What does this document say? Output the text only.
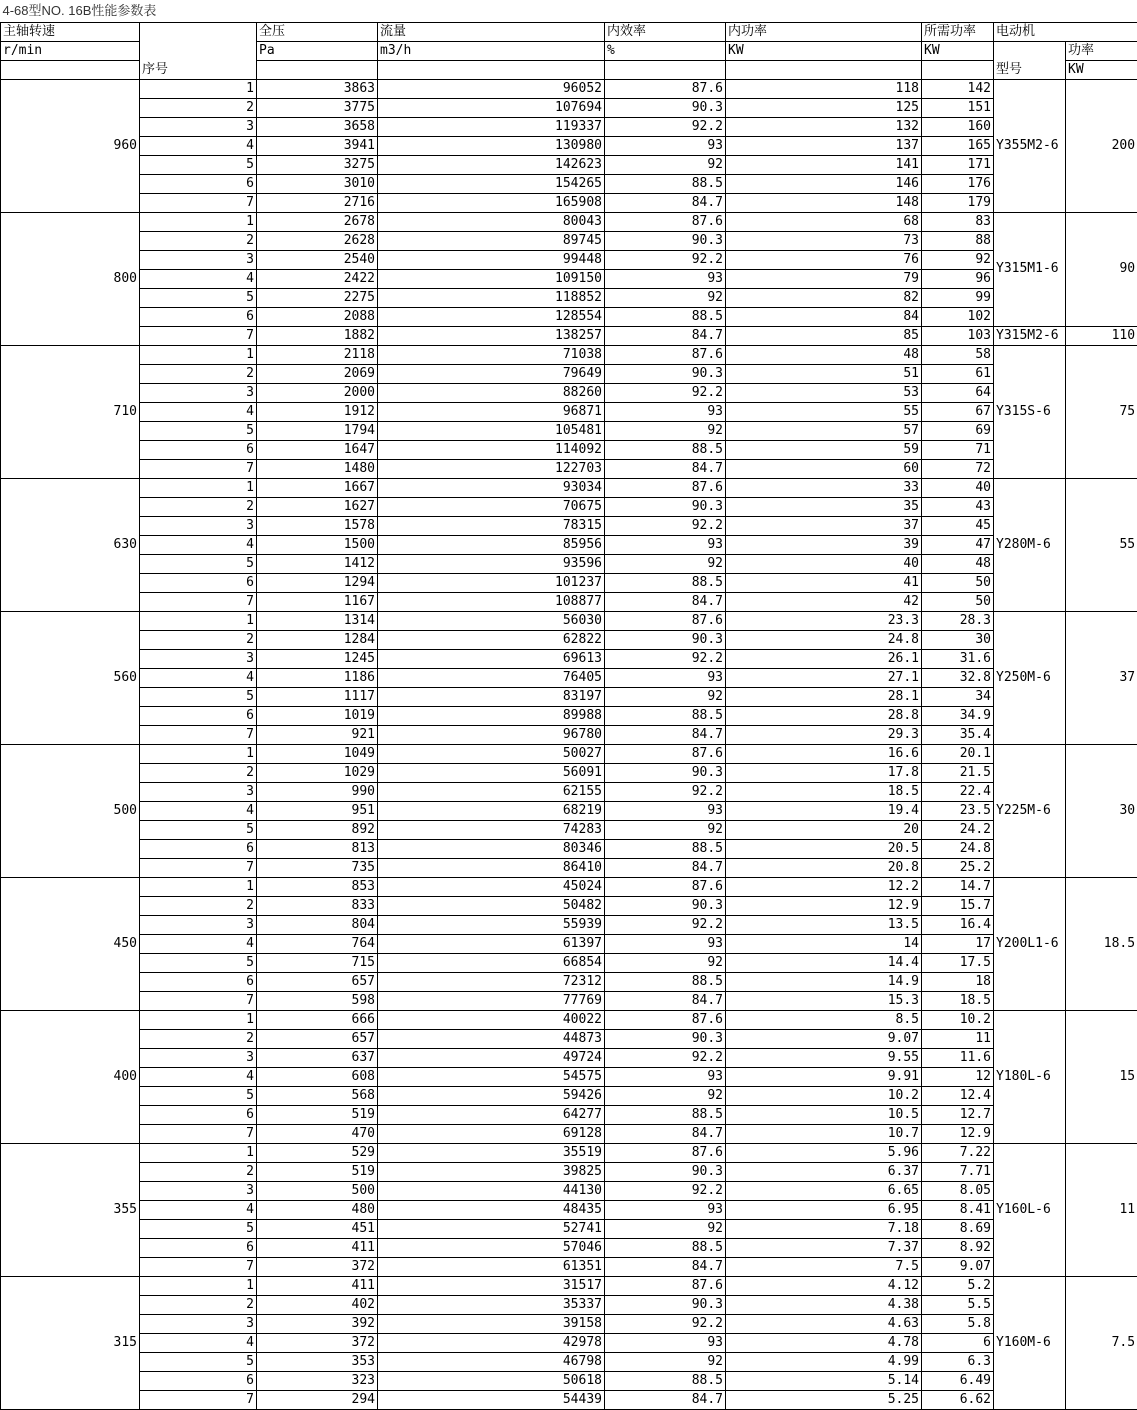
4-68型NO. 16B性能参数表								
主轴转速	序号	全压	流量	内效率	内功率	所需功率	电动机	
r/min		Pa	m3/h	%	KW	KW	型号	功率
								KW
960	1	3863	96052	87.6	118	142	Y355M2-6	200
	2	3775	107694	90.3	125	151		
	3	3658	119337	92.2	132	160		
	4	3941	130980	93	137	165		
	5	3275	142623	92	141	171		
	6	3010	154265	88.5	146	176		
	7	2716	165908	84.7	148	179		
800	1	2678	80043	87.6	68	83	Y315M1-6	90
	2	2628	89745	90.3	73	88		
	3	2540	99448	92.2	76	92		
	4	2422	109150	93	79	96		
	5	2275	118852	92	82	99		
	6	2088	128554	88.5	84	102		
	7	1882	138257	84.7	85	103	Y315M2-6	110
710	1	2118	71038	87.6	48	58	Y315S-6	75
	2	2069	79649	90.3	51	61		
	3	2000	88260	92.2	53	64		
	4	1912	96871	93	55	67		
	5	1794	105481	92	57	69		
	6	1647	114092	88.5	59	71		
	7	1480	122703	84.7	60	72		
630	1	1667	93034	87.6	33	40	Y280M-6	55
	2	1627	70675	90.3	35	43		
	3	1578	78315	92.2	37	45		
	4	1500	85956	93	39	47		
	5	1412	93596	92	40	48		
	6	1294	101237	88.5	41	50		
	7	1167	108877	84.7	42	50		
560	1	1314	56030	87.6	23.3	28.3	Y250M-6	37
	2	1284	62822	90.3	24.8	30		
	3	1245	69613	92.2	26.1	31.6		
	4	1186	76405	93	27.1	32.8		
	5	1117	83197	92	28.1	34		
	6	1019	89988	88.5	28.8	34.9		
	7	921	96780	84.7	29.3	35.4		
500	1	1049	50027	87.6	16.6	20.1	Y225M-6	30
	2	1029	56091	90.3	17.8	21.5		
	3	990	62155	92.2	18.5	22.4		
	4	951	68219	93	19.4	23.5		
	5	892	74283	92	20	24.2		
	6	813	80346	88.5	20.5	24.8		
	7	735	86410	84.7	20.8	25.2		
450	1	853	45024	87.6	12.2	14.7	Y200L1-6	18.5
	2	833	50482	90.3	12.9	15.7		
	3	804	55939	92.2	13.5	16.4		
	4	764	61397	93	14	17		
	5	715	66854	92	14.4	17.5		
	6	657	72312	88.5	14.9	18		
	7	598	77769	84.7	15.3	18.5		
400	1	666	40022	87.6	8.5	10.2	Y180L-6	15
	2	657	44873	90.3	9.07	11		
	3	637	49724	92.2	9.55	11.6		
	4	608	54575	93	9.91	12		
	5	568	59426	92	10.2	12.4		
	6	519	64277	88.5	10.5	12.7		
	7	470	69128	84.7	10.7	12.9		
355	1	529	35519	87.6	5.96	7.22	Y160L-6	11
	2	519	39825	90.3	6.37	7.71		
	3	500	44130	92.2	6.65	8.05		
	4	480	48435	93	6.95	8.41		
	5	451	52741	92	7.18	8.69		
	6	411	57046	88.5	7.37	8.92		
	7	372	61351	84.7	7.5	9.07		
315	1	411	31517	87.6	4.12	5.2	Y160M-6	7.5
	2	402	35337	90.3	4.38	5.5		
	3	392	39158	92.2	4.63	5.8		
	4	372	42978	93	4.78	6		
	5	353	46798	92	4.99	6.3		
	6	323	50618	88.5	5.14	6.49		
	7	294	54439	84.7	5.25	6.62		
